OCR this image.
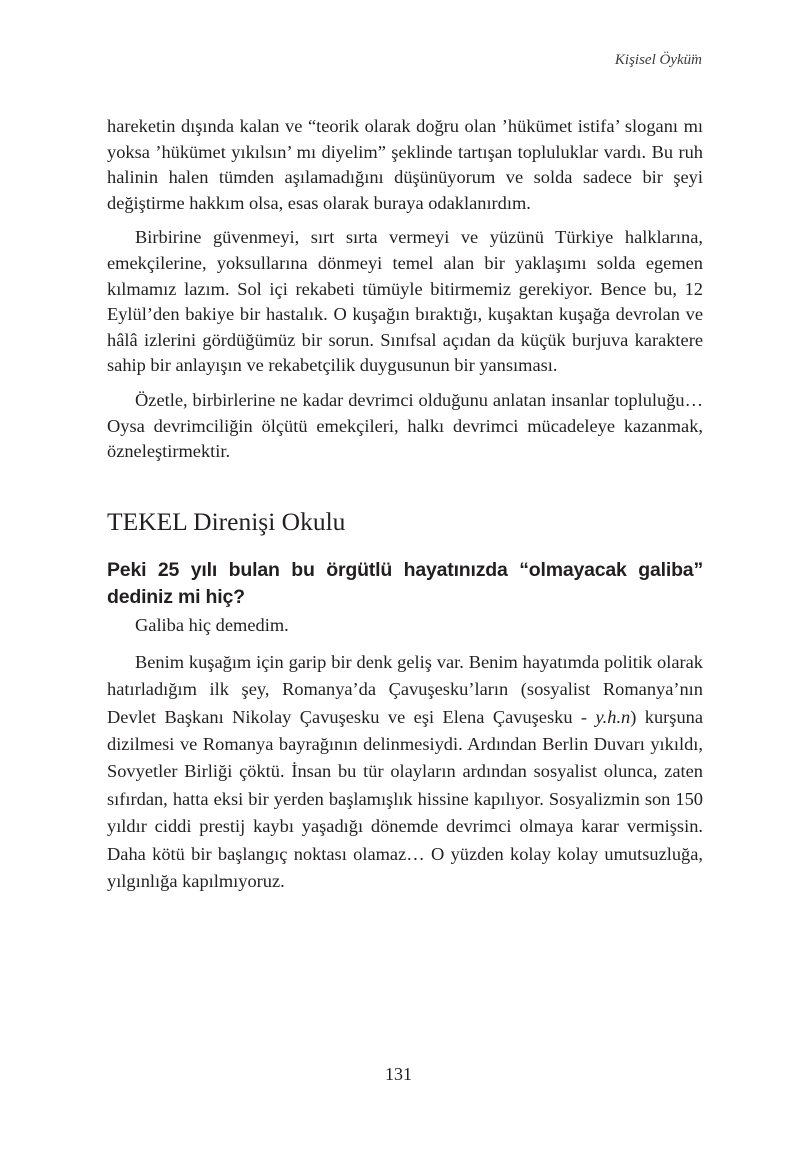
Kişisel Öykü̈m

hareketin dışında kalan ve “teorik olarak doğru olan ’hükümet istifa’ sloganı mı yoksa ’hükümet yıkılsın’ mı diyelim” şeklinde tartışan topluluklar vardı. Bu ruh halinin halen tümden aşılamadığını düşünüyorum ve solda sadece bir şeyi değiştirme hakkım olsa, esas olarak buraya odaklanırdım.

Birbirine güvenmeyi, sırt sırta vermeyi ve yüzünü Türkiye halklarına, emekçilerine, yoksullarına dönmeyi temel alan bir yaklaşımı solda egemen kılmamız lazım. Sol içi rekabeti tümüyle bitirmemiz gerekiyor. Bence bu, 12 Eylül’den bakiye bir hastalık. O kuşağın bıraktığı, kuşaktan kuşağa devrolan ve hâlâ izlerini gördüğümüz bir sorun. Sınıfsal açıdan da küçük burjuva karaktere sahip bir anlayışın ve rekabetçilik duygusunun bir yansıması.

Özetle, birbirlerine ne kadar devrimci olduğunu anlatan insanlar topluluğu… Oysa devrimciliğin ölçütü emekçileri, halkı devrimci mücadeleye kazanmak, özneleştirmektir.

TEKEL Direnişi Okulu

Peki 25 yılı bulan bu örgütlü hayatınızda “olmayacak galiba” dediniz mi hiç?

Galiba hiç demedim.

Benim kuşağım için garip bir denk geliş var. Benim hayatımda politik olarak hatırladığım ilk şey, Romanya’da Çavuşesku’ların (sosyalist Romanya’nın Devlet Başkanı Nikolay Çavuşesku ve eşi Elena Çavuşesku - y.h.n) kurşuna dizilmesi ve Romanya bayrağının delinmesiydi. Ardından Berlin Duvarı yıkıldı, Sovyetler Birliği çöktü. İnsan bu tür olayların ardından sosyalist olunca, zaten sıfırdan, hatta eksi bir yerden başlamışlık hissine kapılıyor. Sosyalizmin son 150 yıldır ciddi prestij kaybı yaşadığı dönemde devrimci olmaya karar vermişsin. Daha kötü bir başlangıç noktası olamaz… O yüzden kolay kolay umutsuzluğa, yılgınlığa kapılmıyoruz.

131
